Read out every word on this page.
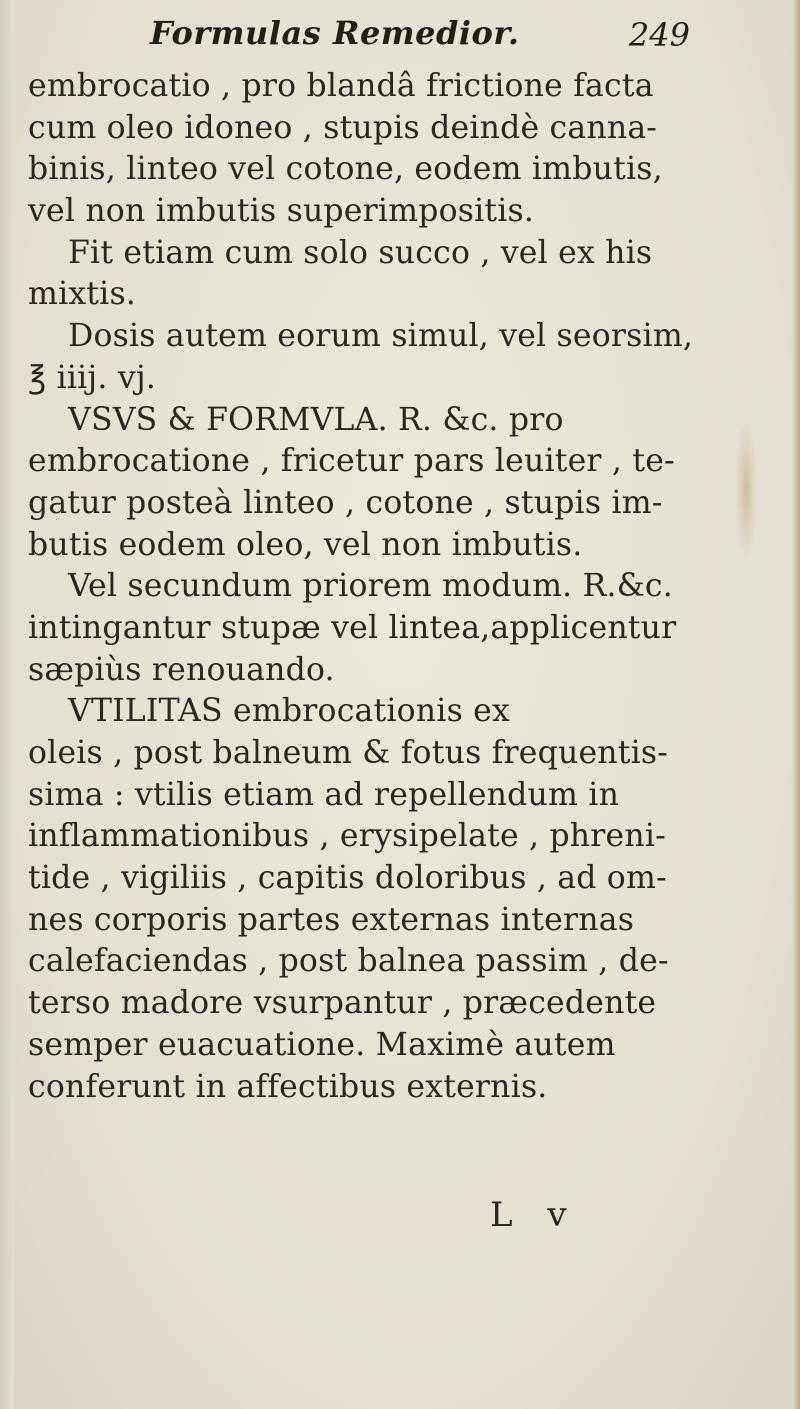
Formulas Remedior.	249
embrocatio , pro blandâ frictione facta
cum oleo idoneo , stupis deindè canna-
binis, linteo vel cotone, eodem imbutis,
vel non imbutis superimpositis.
Fit etiam cum solo succo , vel ex his
mixtis.
Dosis autem eorum simul, vel seorsim,
℥ iiij. vj.
VSVS & FORMVLA. R. &c. pro
embrocatione , fricetur pars leuiter , te-
gatur posteà linteo , cotone , stupis im-
butis eodem oleo, vel non imbutis.
Vel secundum priorem modum. R.&c.
intingantur stupæ vel lintea,applicentur
sæpiùs renouando.
VTILITAS embrocationis ex
oleis , post balneum & fotus frequentis-
sima : vtilis etiam ad repellendum in
inflammationibus , erysipelate , phreni-
tide , vigiliis , capitis doloribus , ad om-
nes corporis partes externas internas
calefaciendas , post balnea passim , de-
terso madore vsurpantur , præcedente
semper euacuatione. Maximè autem
conferunt in affectibus externis.
L v
